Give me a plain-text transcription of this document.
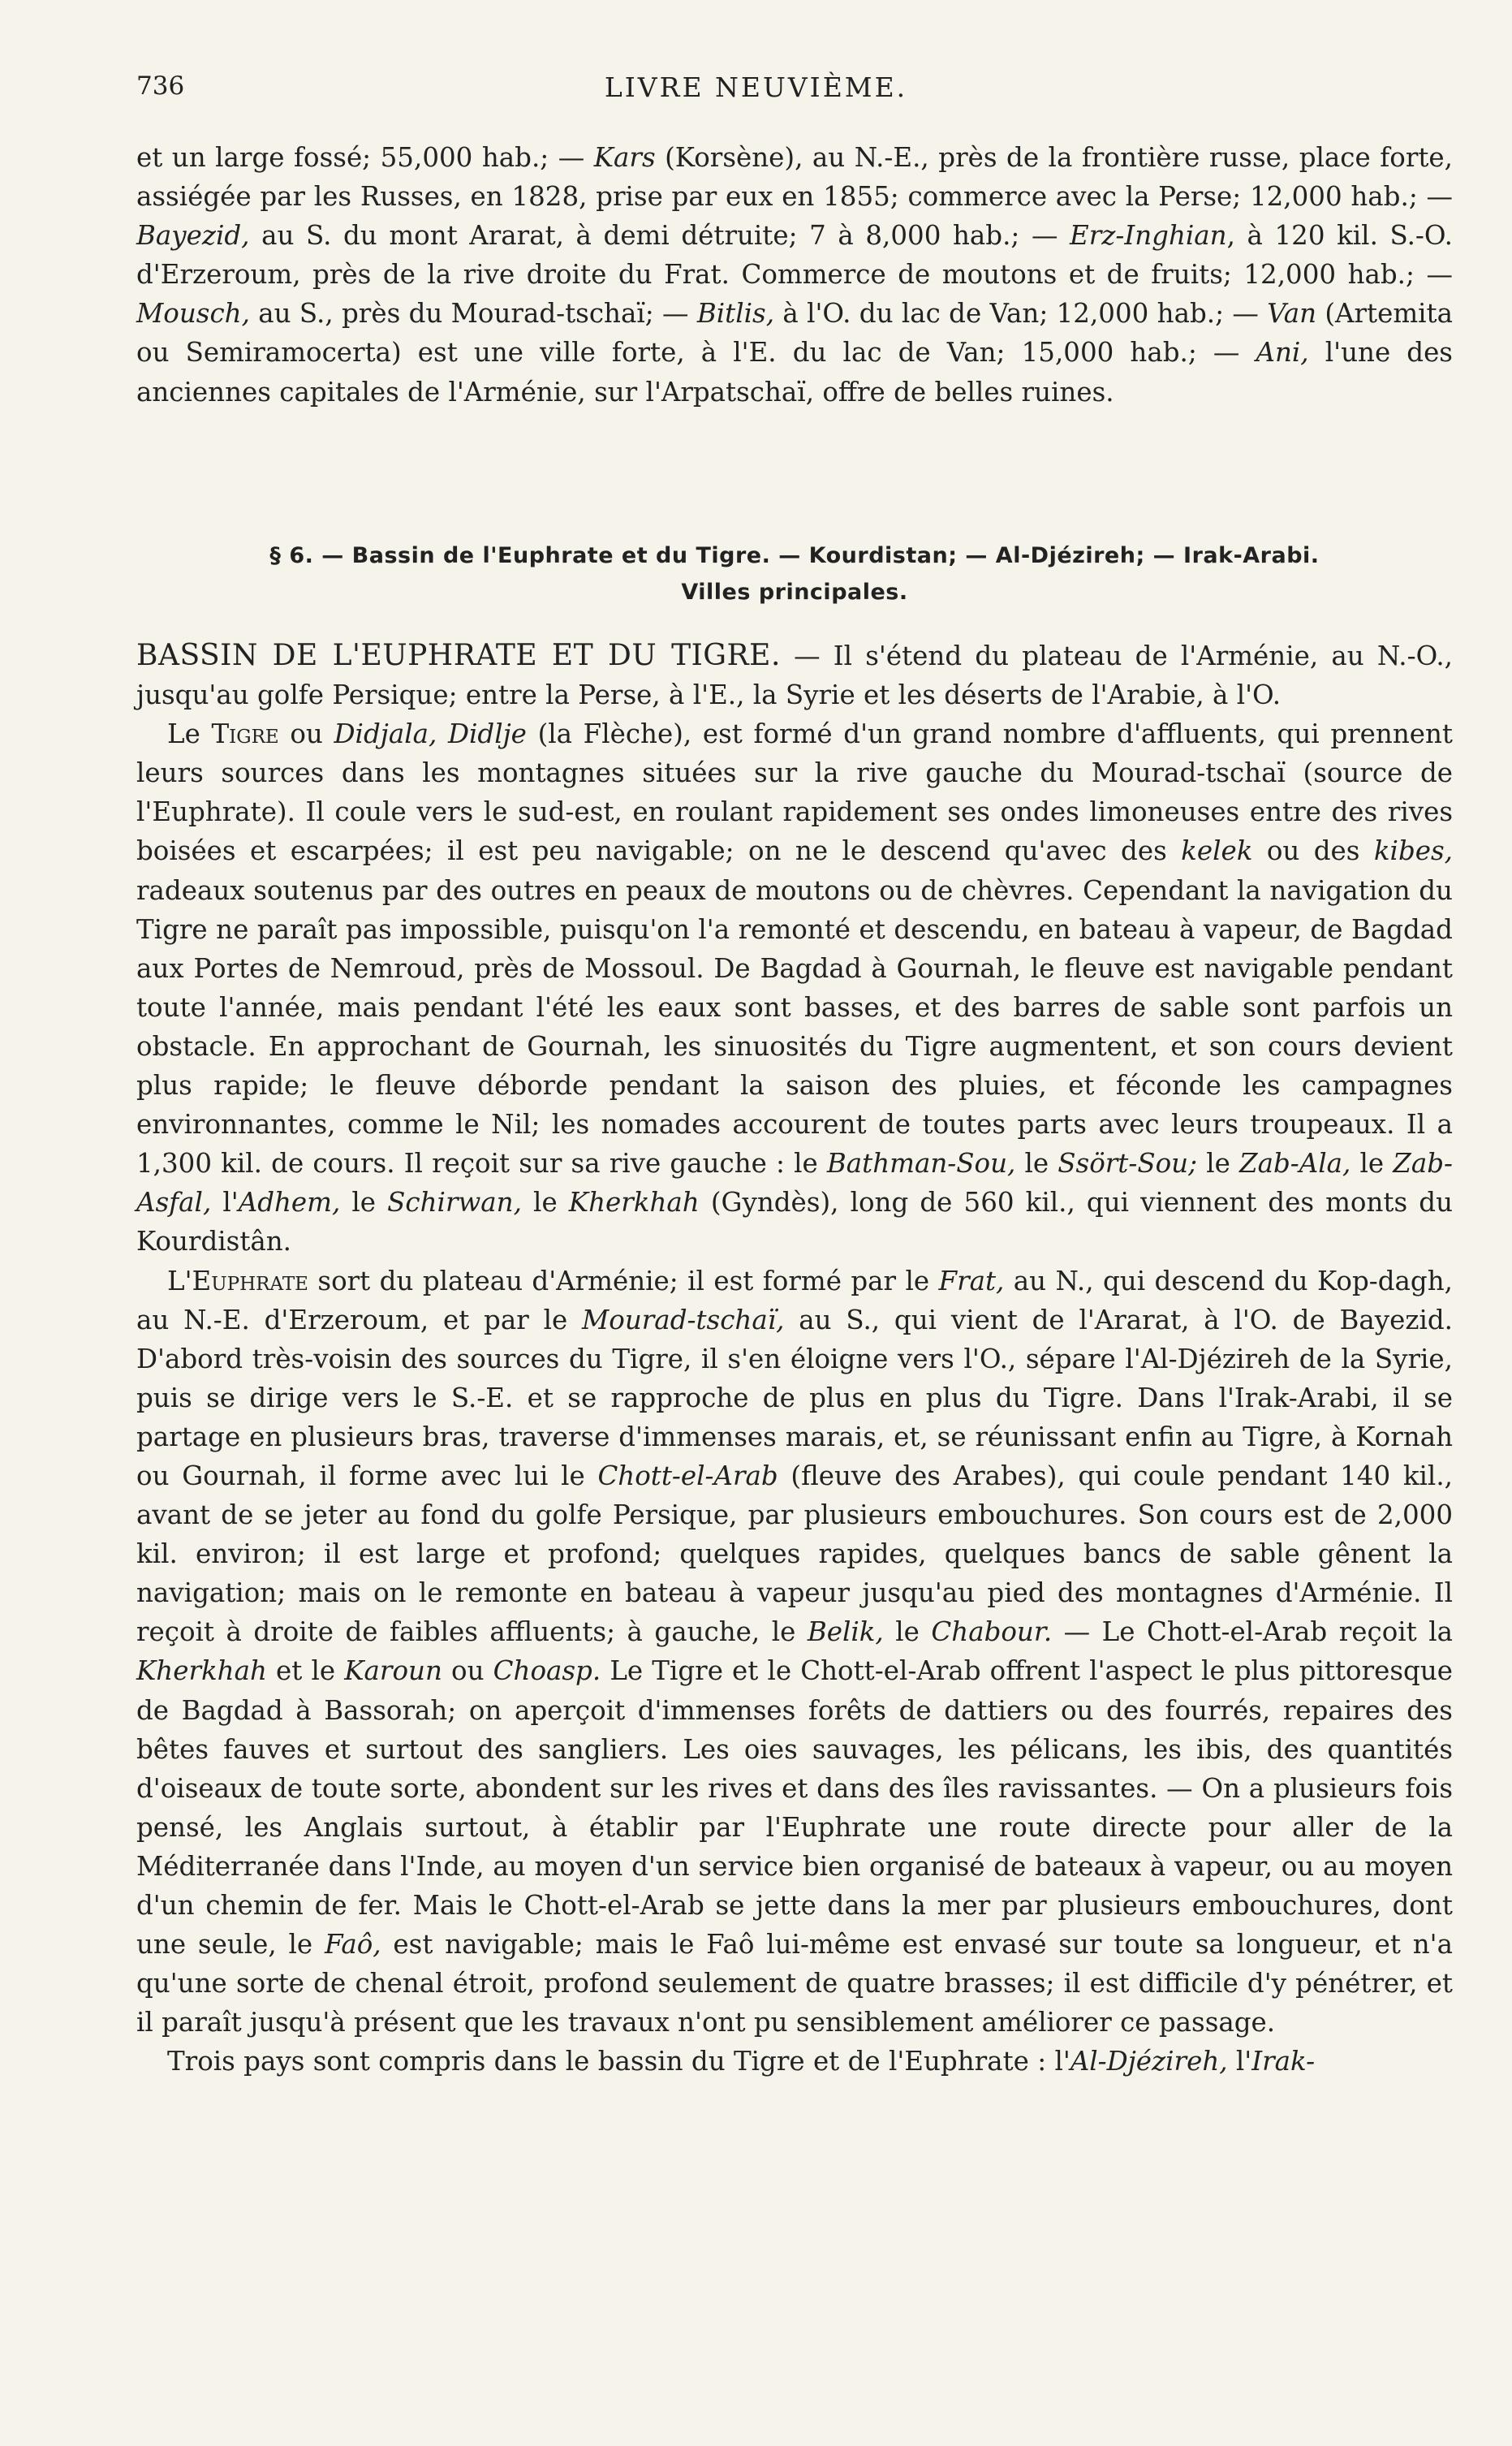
736	LIVRE NEUVIÈME.

et un large fossé; 55,000 hab.; — Kars (Korsène), au N.-E., près de la frontière russe, place forte, assiégée par les Russes, en 1828, prise par eux en 1855; commerce avec la Perse; 12,000 hab.; — Bayezid, au S. du mont Ararat, à demi détruite; 7 à 8,000 hab.; — Erz-Inghian, à 120 kil. S.-O. d'Erzeroum, près de la rive droite du Frat. Commerce de moutons et de fruits; 12,000 hab.; — Mousch, au S., près du Mourad-tschaï; — Bitlis, à l'O. du lac de Van; 12,000 hab.; — Van (Artemita ou Semiramocerta) est une ville forte, à l'E. du lac de Van; 15,000 hab.; — Ani, l'une des anciennes capitales de l'Arménie, sur l'Arpatschaï, offre de belles ruines.

§ 6. — Bassin de l'Euphrate et du Tigre. — Kourdistan; — Al-Djézireh; — Irak-Arabi.
Villes principales.

BASSIN DE L'EUPHRATE ET DU TIGRE. — Il s'étend du plateau de l'Arménie, au N.-O., jusqu'au golfe Persique; entre la Perse, à l'E., la Syrie et les déserts de l'Arabie, à l'O.

Le Tigre ou Didjala, Didlje (la Flèche), est formé d'un grand nombre d'affluents, qui prennent leurs sources dans les montagnes situées sur la rive gauche du Mourad-tschaï (source de l'Euphrate). Il coule vers le sud-est, en roulant rapidement ses ondes limoneuses entre des rives boisées et escarpées; il est peu navigable; on ne le descend qu'avec des kelek ou des kibes, radeaux soutenus par des outres en peaux de moutons ou de chèvres. Cependant la navigation du Tigre ne paraît pas impossible, puisqu'on l'a remonté et descendu, en bateau à vapeur, de Bagdad aux Portes de Nemroud, près de Mossoul. De Bagdad à Gournah, le fleuve est navigable pendant toute l'année, mais pendant l'été les eaux sont basses, et des barres de sable sont parfois un obstacle. En approchant de Gournah, les sinuosités du Tigre augmentent, et son cours devient plus rapide; le fleuve déborde pendant la saison des pluies, et féconde les campagnes environnantes, comme le Nil; les nomades accourent de toutes parts avec leurs troupeaux. Il a 1,300 kil. de cours. Il reçoit sur sa rive gauche : le Bathman-Sou, le Ssört-Sou; le Zab-Ala, le Zab-Asfal, l'Adhem, le Schirwan, le Kherkhah (Gyndès), long de 560 kil., qui viennent des monts du Kourdistân.

L'Euphrate sort du plateau d'Arménie; il est formé par le Frat, au N., qui descend du Kop-dagh, au N.-E. d'Erzeroum, et par le Mourad-tschaï, au S., qui vient de l'Ararat, à l'O. de Bayezid. D'abord très-voisin des sources du Tigre, il s'en éloigne vers l'O., sépare l'Al-Djézireh de la Syrie, puis se dirige vers le S.-E. et se rapproche de plus en plus du Tigre. Dans l'Irak-Arabi, il se partage en plusieurs bras, traverse d'immenses marais, et, se réunissant enfin au Tigre, à Kornah ou Gournah, il forme avec lui le Chott-el-Arab (fleuve des Arabes), qui coule pendant 140 kil., avant de se jeter au fond du golfe Persique, par plusieurs embouchures. Son cours est de 2,000 kil. environ; il est large et profond; quelques rapides, quelques bancs de sable gênent la navigation; mais on le remonte en bateau à vapeur jusqu'au pied des montagnes d'Arménie. Il reçoit à droite de faibles affluents; à gauche, le Belik, le Chabour. — Le Chott-el-Arab reçoit la Kherkhah et le Karoun ou Choasp. Le Tigre et le Chott-el-Arab offrent l'aspect le plus pittoresque de Bagdad à Bassorah; on aperçoit d'immenses forêts de dattiers ou des fourrés, repaires des bêtes fauves et surtout des sangliers. Les oies sauvages, les pélicans, les ibis, des quantités d'oiseaux de toute sorte, abondent sur les rives et dans des îles ravissantes. — On a plusieurs fois pensé, les Anglais surtout, à établir par l'Euphrate une route directe pour aller de la Méditerranée dans l'Inde, au moyen d'un service bien organisé de bateaux à vapeur, ou au moyen d'un chemin de fer. Mais le Chott-el-Arab se jette dans la mer par plusieurs embouchures, dont une seule, le Faô, est navigable; mais le Faô lui-même est envasé sur toute sa longueur, et n'a qu'une sorte de chenal étroit, profond seulement de quatre brasses; il est difficile d'y pénétrer, et il paraît jusqu'à présent que les travaux n'ont pu sensiblement améliorer ce passage.

Trois pays sont compris dans le bassin du Tigre et de l'Euphrate : l'Al-Djézireh, l'Irak-
